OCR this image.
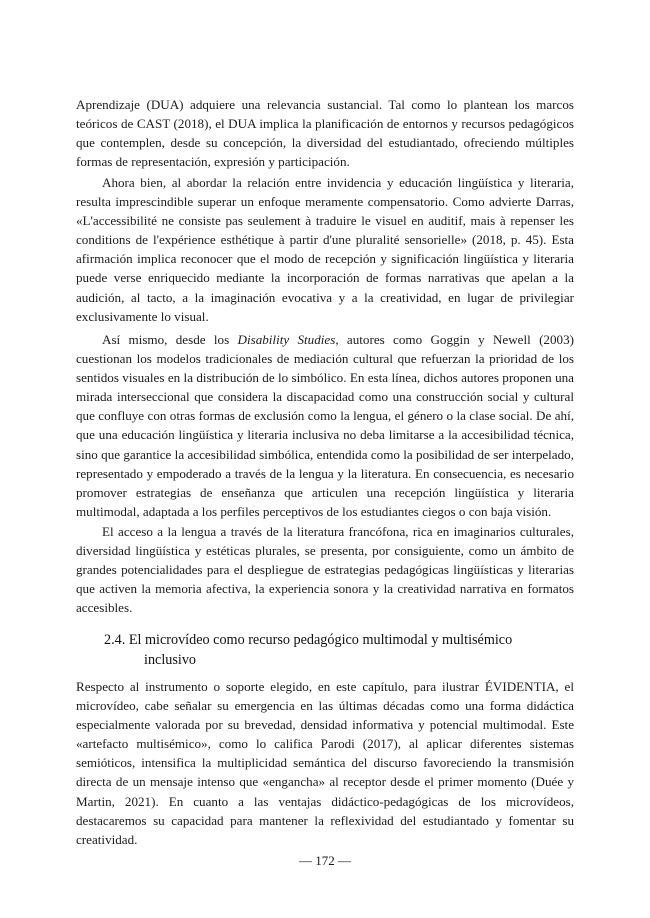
Aprendizaje (DUA) adquiere una relevancia sustancial. Tal como lo plantean los marcos teóricos de CAST (2018), el DUA implica la planificación de entornos y recursos pedagógicos que contemplen, desde su concepción, la diversidad del estudiantado, ofreciendo múltiples formas de representación, expresión y participación.

Ahora bien, al abordar la relación entre invidencia y educación lingüística y literaria, resulta imprescindible superar un enfoque meramente compensatorio. Como advierte Darras, «L'accessibilité ne consiste pas seulement à traduire le visuel en auditif, mais à repenser les conditions de l'expérience esthétique à partir d'une pluralité sensorielle» (2018, p. 45). Esta afirmación implica reconocer que el modo de recepción y significación lingüística y literaria puede verse enriquecido mediante la incorporación de formas narrativas que apelan a la audición, al tacto, a la imaginación evocativa y a la creatividad, en lugar de privilegiar exclusivamente lo visual.

Así mismo, desde los Disability Studies, autores como Goggin y Newell (2003) cuestionan los modelos tradicionales de mediación cultural que refuerzan la prioridad de los sentidos visuales en la distribución de lo simbólico. En esta línea, dichos autores proponen una mirada interseccional que considera la discapacidad como una construcción social y cultural que confluye con otras formas de exclusión como la lengua, el género o la clase social. De ahí, que una educación lingüística y literaria inclusiva no deba limitarse a la accesibilidad técnica, sino que garantice la accesibilidad simbólica, entendida como la posibilidad de ser interpelado, representado y empoderado a través de la lengua y la literatura. En consecuencia, es necesario promover estrategias de enseñanza que articulen una recepción lingüística y literaria multimodal, adaptada a los perfiles perceptivos de los estudiantes ciegos o con baja visión.

El acceso a la lengua a través de la literatura francófona, rica en imaginarios culturales, diversidad lingüística y estéticas plurales, se presenta, por consiguiente, como un ámbito de grandes potencialidades para el despliegue de estrategias pedagógicas lingüísticas y literarias que activen la memoria afectiva, la experiencia sonora y la creatividad narrativa en formatos accesibles.

2.4. El microvídeo como recurso pedagógico multimodal y multisémico
inclusivo

Respecto al instrumento o soporte elegido, en este capítulo, para ilustrar ÉVIDENTIA, el microvídeo, cabe señalar su emergencia en las últimas décadas como una forma didáctica especialmente valorada por su brevedad, densidad informativa y potencial multimodal. Este «artefacto multisémico», como lo califica Parodi (2017), al aplicar diferentes sistemas semióticos, intensifica la multiplicidad semántica del discurso favoreciendo la transmisión directa de un mensaje intenso que «engancha» al receptor desde el primer momento (Duée y Martin, 2021). En cuanto a las ventajas didáctico-pedagógicas de los microvídeos, destacaremos su capacidad para mantener la reflexividad del estudiantado y fomentar su creatividad.

— 172 —
